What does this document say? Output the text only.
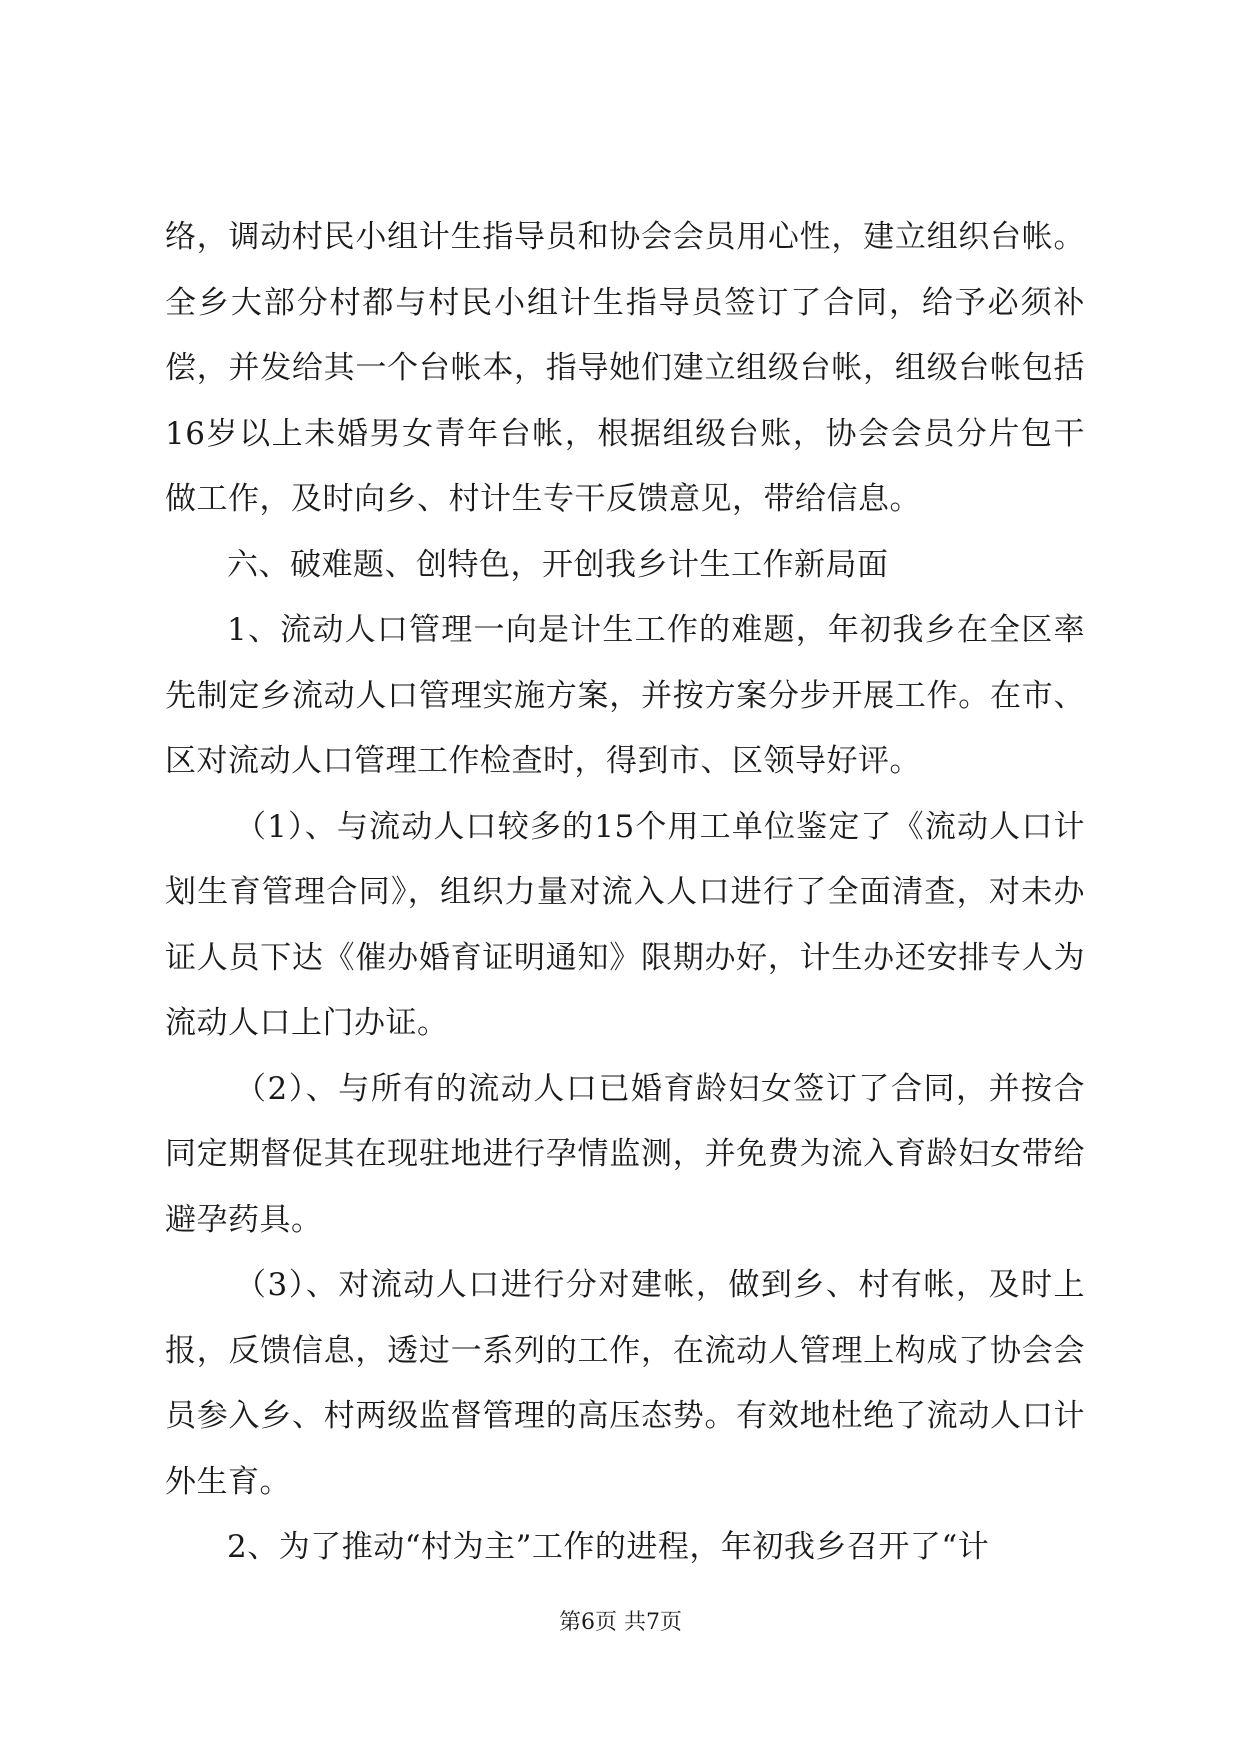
络，调动村民小组计生指导员和协会会员用心性，建立组织台帐。全乡大部分村都与村民小组计生指导员签订了合同，给予必须补偿，并发给其一个台帐本，指导她们建立组级台帐，组级台帐包括16岁以上未婚男女青年台帐，根据组级台账，协会会员分片包干做工作，及时向乡、村计生专干反馈意见，带给信息。

六、破难题、创特色，开创我乡计生工作新局面

1、流动人口管理一向是计生工作的难题，年初我乡在全区率先制定乡流动人口管理实施方案，并按方案分步开展工作。在市、区对流动人口管理工作检查时，得到市、区领导好评。

（1）、与流动人口较多的15个用工单位鉴定了《流动人口计划生育管理合同》，组织力量对流入人口进行了全面清查，对未办证人员下达《催办婚育证明通知》限期办好，计生办还安排专人为流动人口上门办证。

（2）、与所有的流动人口已婚育龄妇女签订了合同，并按合同定期督促其在现驻地进行孕情监测，并免费为流入育龄妇女带给避孕药具。

（3）、对流动人口进行分对建帐，做到乡、村有帐，及时上报，反馈信息，透过一系列的工作，在流动人管理上构成了协会会员参入乡、村两级监督管理的高压态势。有效地杜绝了流动人口计外生育。

2、为了推动“村为主”工作的进程，年初我乡召开了“计

第6页 共7页
